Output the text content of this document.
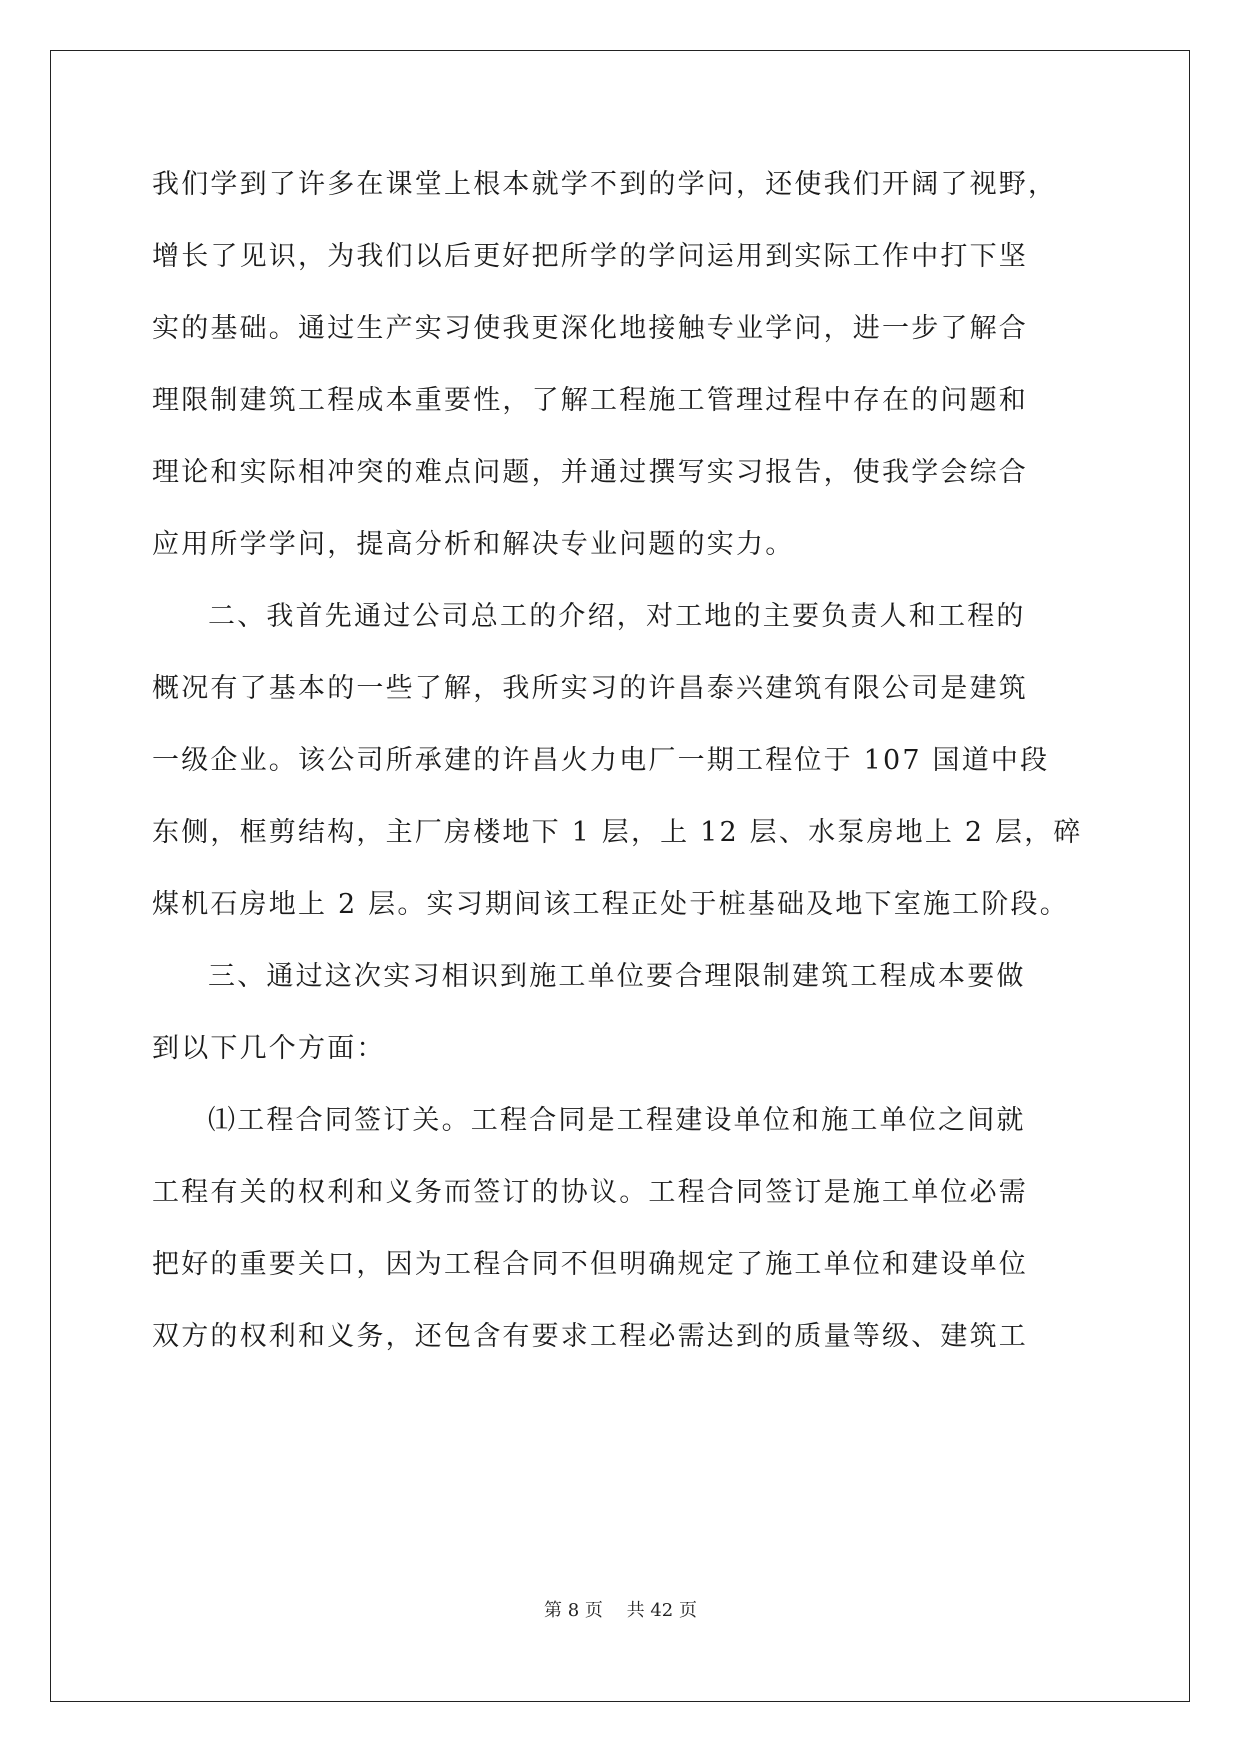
我们学到了许多在课堂上根本就学不到的学问，还使我们开阔了视野，
增长了见识，为我们以后更好把所学的学问运用到实际工作中打下坚
实的基础。通过生产实习使我更深化地接触专业学问，进一步了解合
理限制建筑工程成本重要性，了解工程施工管理过程中存在的问题和
理论和实际相冲突的难点问题，并通过撰写实习报告，使我学会综合
应用所学学问，提高分析和解决专业问题的实力。
二、我首先通过公司总工的介绍，对工地的主要负责人和工程的
概况有了基本的一些了解，我所实习的许昌泰兴建筑有限公司是建筑
一级企业。该公司所承建的许昌火力电厂一期工程位于 107 国道中段
东侧，框剪结构，主厂房楼地下 1 层，上 12 层、水泵房地上 2 层，碎
煤机石房地上 2 层。实习期间该工程正处于桩基础及地下室施工阶段。
三、通过这次实习相识到施工单位要合理限制建筑工程成本要做
到以下几个方面：
⑴工程合同签订关。工程合同是工程建设单位和施工单位之间就
工程有关的权利和义务而签订的协议。工程合同签订是施工单位必需
把好的重要关口，因为工程合同不但明确规定了施工单位和建设单位
双方的权利和义务，还包含有要求工程必需达到的质量等级、建筑工
第 8 页　 共 42 页
